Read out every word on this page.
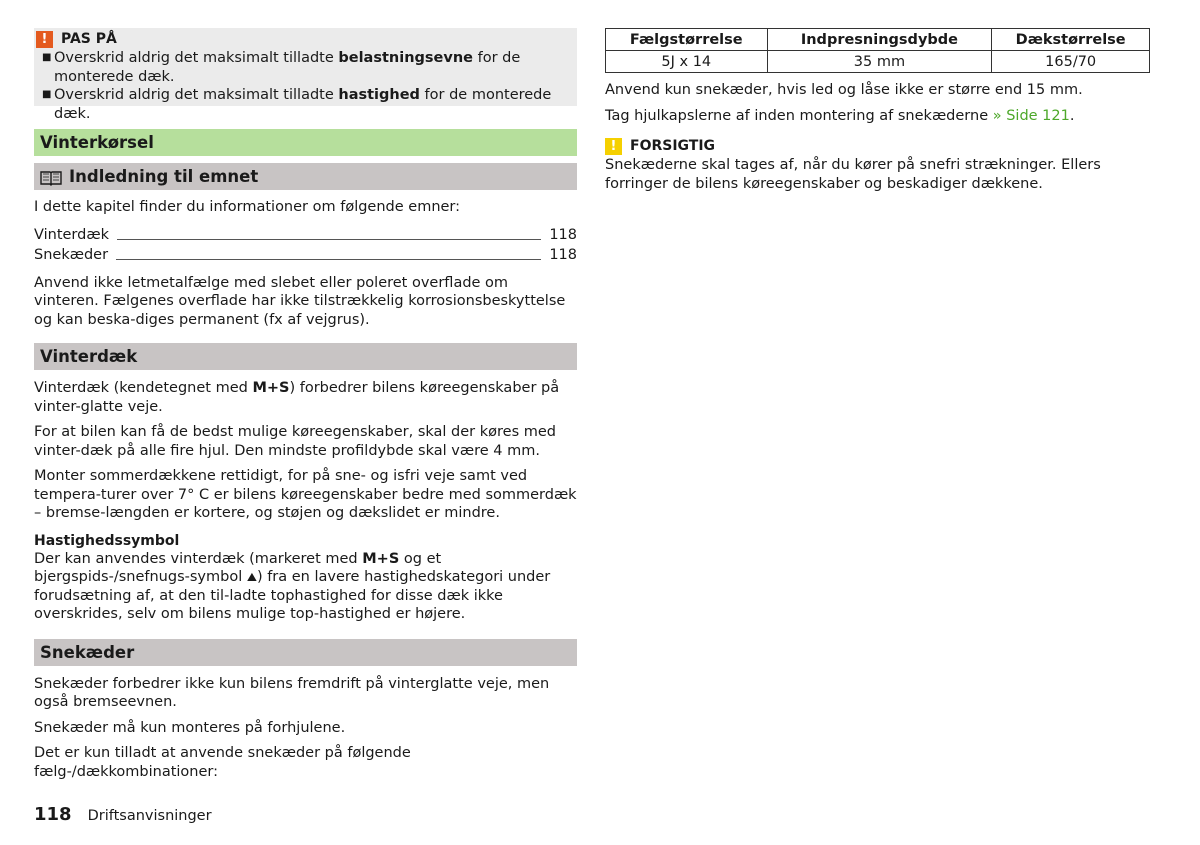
! PAS PÅ
■ Overskrid aldrig det maksimalt tilladte belastningsevne for de monterede dæk.
■ Overskrid aldrig det maksimalt tilladte hastighed for de monterede dæk.
Vinterkørsel
Indledning til emnet

I dette kapitel finder du informationer om følgende emner:

Vinterdæk	118
Snekæder	118

Anvend ikke letmetalfælge med slebet eller poleret overflade om vinteren. Fælgenes overflade har ikke tilstrækkelig korrosionsbeskyttelse og kan beska-diges permanent (fx af vejgrus).

Vinterdæk

Vinterdæk (kendetegnet med M+S) forbedrer bilens køreegenskaber på vinter-glatte veje.

For at bilen kan få de bedst mulige køreegenskaber, skal der køres med vinter-dæk på alle fire hjul. Den mindste profildybde skal være 4 mm.

Monter sommerdækkene rettidigt, for på sne- og isfri veje samt ved tempera-turer over 7° C er bilens køreegenskaber bedre med sommerdæk – bremse-længden er kortere, og støjen og dækslidet er mindre.

Hastighedssymbol

Der kan anvendes vinterdæk (markeret med M+S og et bjergspids-/snefnugs-symbol ⛰) fra en lavere hastighedskategori under forudsætning af, at den til-ladte tophastighed for disse dæk ikke overskrides, selv om bilens mulige top-hastighed er højere.

Snekæder

Snekæder forbedrer ikke kun bilens fremdrift på vinterglatte veje, men også bremseevnen.

Snekæder må kun monteres på forhjulene.

Det er kun tilladt at anvende snekæder på følgende fælg-/dækkombinationer:

Fælgstørrelse	Indpresningsdybde	Dækstørrelse
5J x 14	35 mm	165/70

Anvend kun snekæder, hvis led og låse ikke er større end 15 mm.

Tag hjulkapslerne af inden montering af snekæderne » Side 121.

! FORSIGTIG

Snekæderne skal tages af, når du kører på snefri strækninger. Ellers forringer de bilens køreegenskaber og beskadiger dækkene.

118 Driftsanvisninger
